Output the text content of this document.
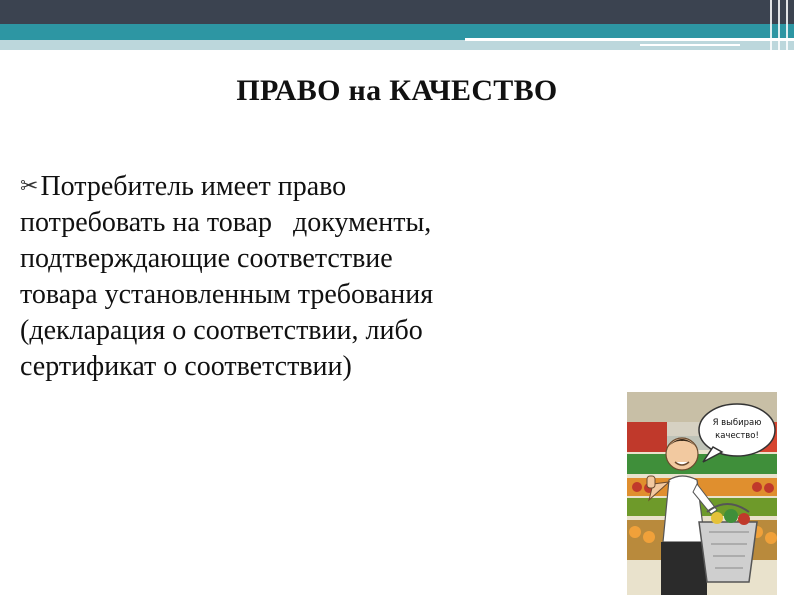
ПРАВО на КАЧЕСТВО
✂Потребитель имеет право
потребовать на товар   документы,
подтверждающие соответствие
товара установленным требования
(декларация о соответствии, либо
сертификат о соответствии)
Я выбираю
качество!
